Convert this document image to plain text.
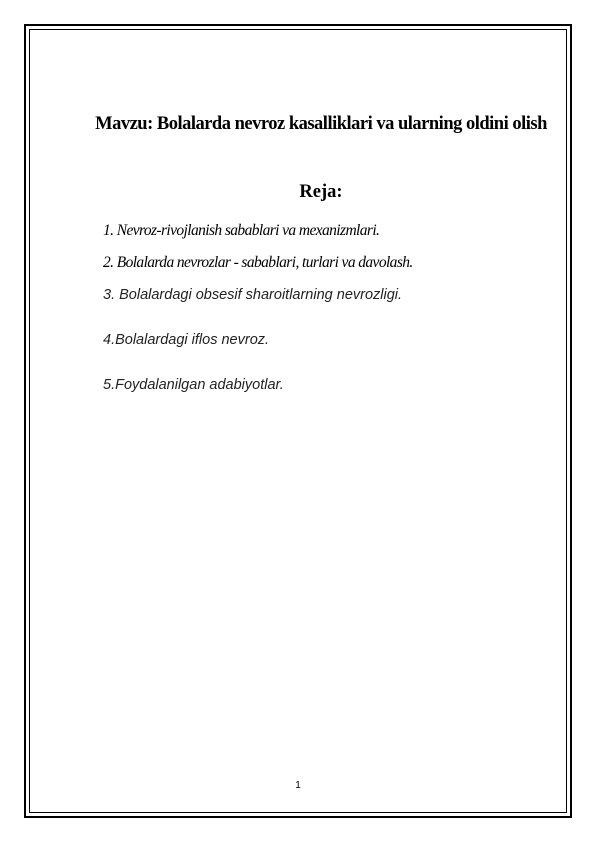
Mavzu: Bolalarda nevroz kasalliklari va ularning oldini olish
Reja:

1. Nevroz-rivojlanish sabablari va mexanizmlari.

2. Bolalarda nevrozlar - sabablari, turlari va davolash.

3. Bolalardagi obsesif sharoitlarning nevrozligi.

4.Bolalardagi iflos nevroz.

5.Foydalanilgan adabiyotlar.

1
